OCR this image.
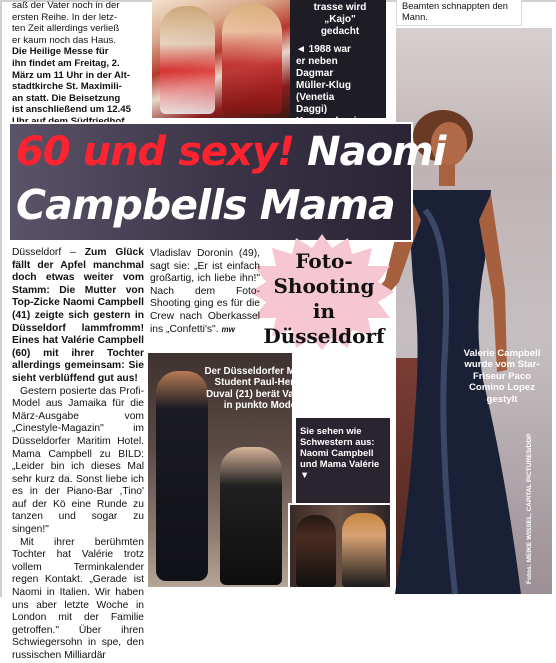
saß der Vater noch in der

ersten Reihe. In der letz-

ten Zeit allerdings verließ

er kaum noch das Haus.

Die Heilige Messe für

ihn findet am Freitag, 2.

März um 11 Uhr in der Alt-

stadtkirche St. Maximili-

an statt. Die Beisetzung

ist anschließend um 12.45

trasse wird
„Kajo"
gedacht
◄ 1988 war
er neben
Dagmar
Müller-Klug
(Venetia
Daggi)
Valerie Campbell wurde vom Star-Friseur Paco Comino Lopez gestylt
Fotos: MEIKE WISSEL, CAPITAL PICTURES/DDP
Beamten schnappten den
Mann.
60 und sexy! Naomi
Campbells Mama
Foto-
Shooting in
Düsseldorf

Düsseldorf – Zum Glück fällt der Apfel manchmal doch etwas weiter vom Stamm: Die Mutter von Top-Zicke Naomi Campbell (41) zeigte sich gestern in Düsseldorf lammfromm! Eines hat Valérie Campbell (60) mit ihrer Tochter allerdings gemeinsam: Sie sieht verblüffend gut aus!

Gestern posierte das Profi-Model aus Jamaika für die März-Ausgabe vom „Cinestyle-Magazin" im Düsseldorfer Maritim Hotel. Mama Campbell zu BILD: „Leider bin ich dieses Mal sehr kurz da. Sonst liebe ich es in der Piano-Bar ,Tino' auf der Kö eine Runde zu tanzen und sogar zu singen!"

Mit ihrer berühmten Tochter hat Valérie trotz vollem Terminkalender regen Kontakt. „Gerade ist Naomi in Italien. Wir haben uns aber letzte Woche in London mit der Familie getroffen." Über ihren Schwiegersohn in spe, den russischen Milliardär

Vladislav Doronin (49), sagt sie: „Er ist einfach großartig, ich liebe ihn!" Nach dem Foto-Shooting ging es für die Crew nach Oberkassel ins „Confetti's". mw
Der Düsseldorfer Mode-Student Paul-Henry Duval (21) berät Valérie in punkto Mode
Sie sehen wie Schwestern aus: Naomi Campbell und Mama Valérie ▼
